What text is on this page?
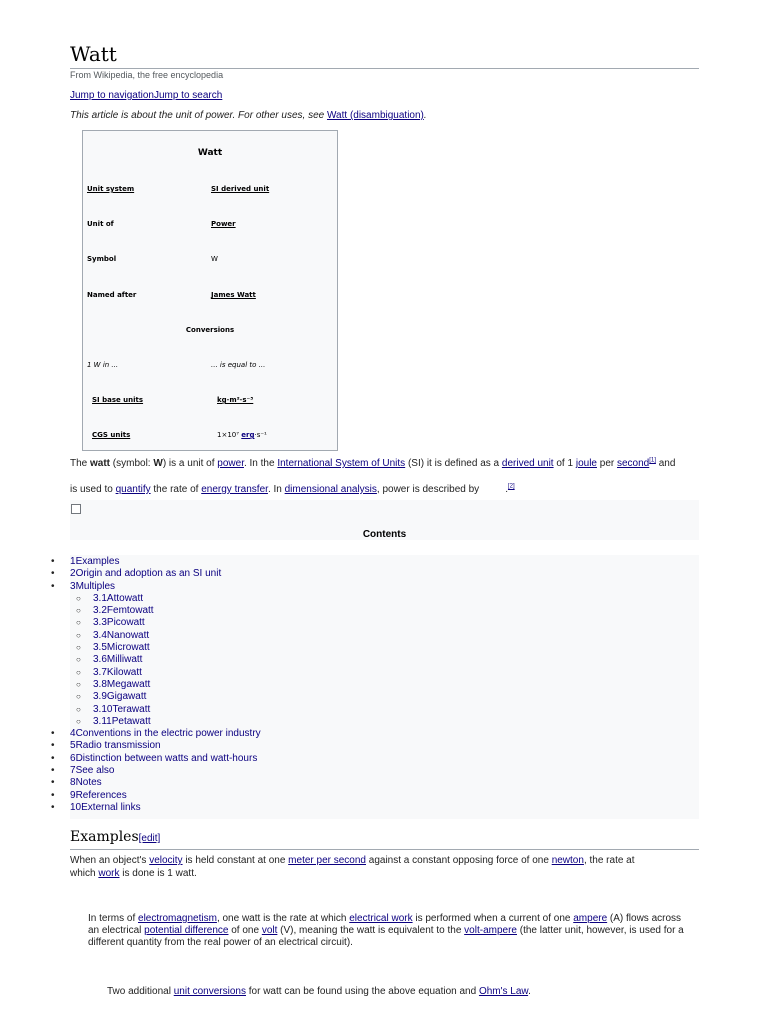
Watt
From Wikipedia, the free encyclopedia
Jump to navigationJump to search
This article is about the unit of power. For other uses, see Watt (disambiguation).
Watt
Unit system	SI derived unit
Unit of	Power
Symbol	W
Named after	James Watt
Conversions
1 W in ...	... is equal to ...
SI base units	kg⋅m²⋅s⁻³
CGS units	1×10⁷ erg⋅s⁻¹
The watt (symbol: W) is a unit of power. In the International System of Units (SI) it is defined as a derived unit of 1 joule per second[1] and
is used to quantify the rate of energy transfer. In dimensional analysis, power is described by	.[2]
Contents
• 1Examples
• 2Origin and adoption as an SI unit
• 3Multiples
○ 3.1Attowatt
○ 3.2Femtowatt
○ 3.3Picowatt
○ 3.4Nanowatt
○ 3.5Microwatt
○ 3.6Milliwatt
○ 3.7Kilowatt
○ 3.8Megawatt
○ 3.9Gigawatt
○ 3.10Terawatt
○ 3.11Petawatt
• 4Conventions in the electric power industry
• 5Radio transmission
• 6Distinction between watts and watt-hours
• 7See also
• 8Notes
• 9References
• 10External links
Examples[edit]
When an object's velocity is held constant at one meter per second against a constant opposing force of one newton, the rate at
which work is done is 1 watt.
In terms of electromagnetism, one watt is the rate at which electrical work is performed when a current of one ampere (A) flows across
an electrical potential difference of one volt (V), meaning the watt is equivalent to the volt-ampere (the latter unit, however, is used for a
different quantity from the real power of an electrical circuit).
Two additional unit conversions for watt can be found using the above equation and Ohm's Law.
